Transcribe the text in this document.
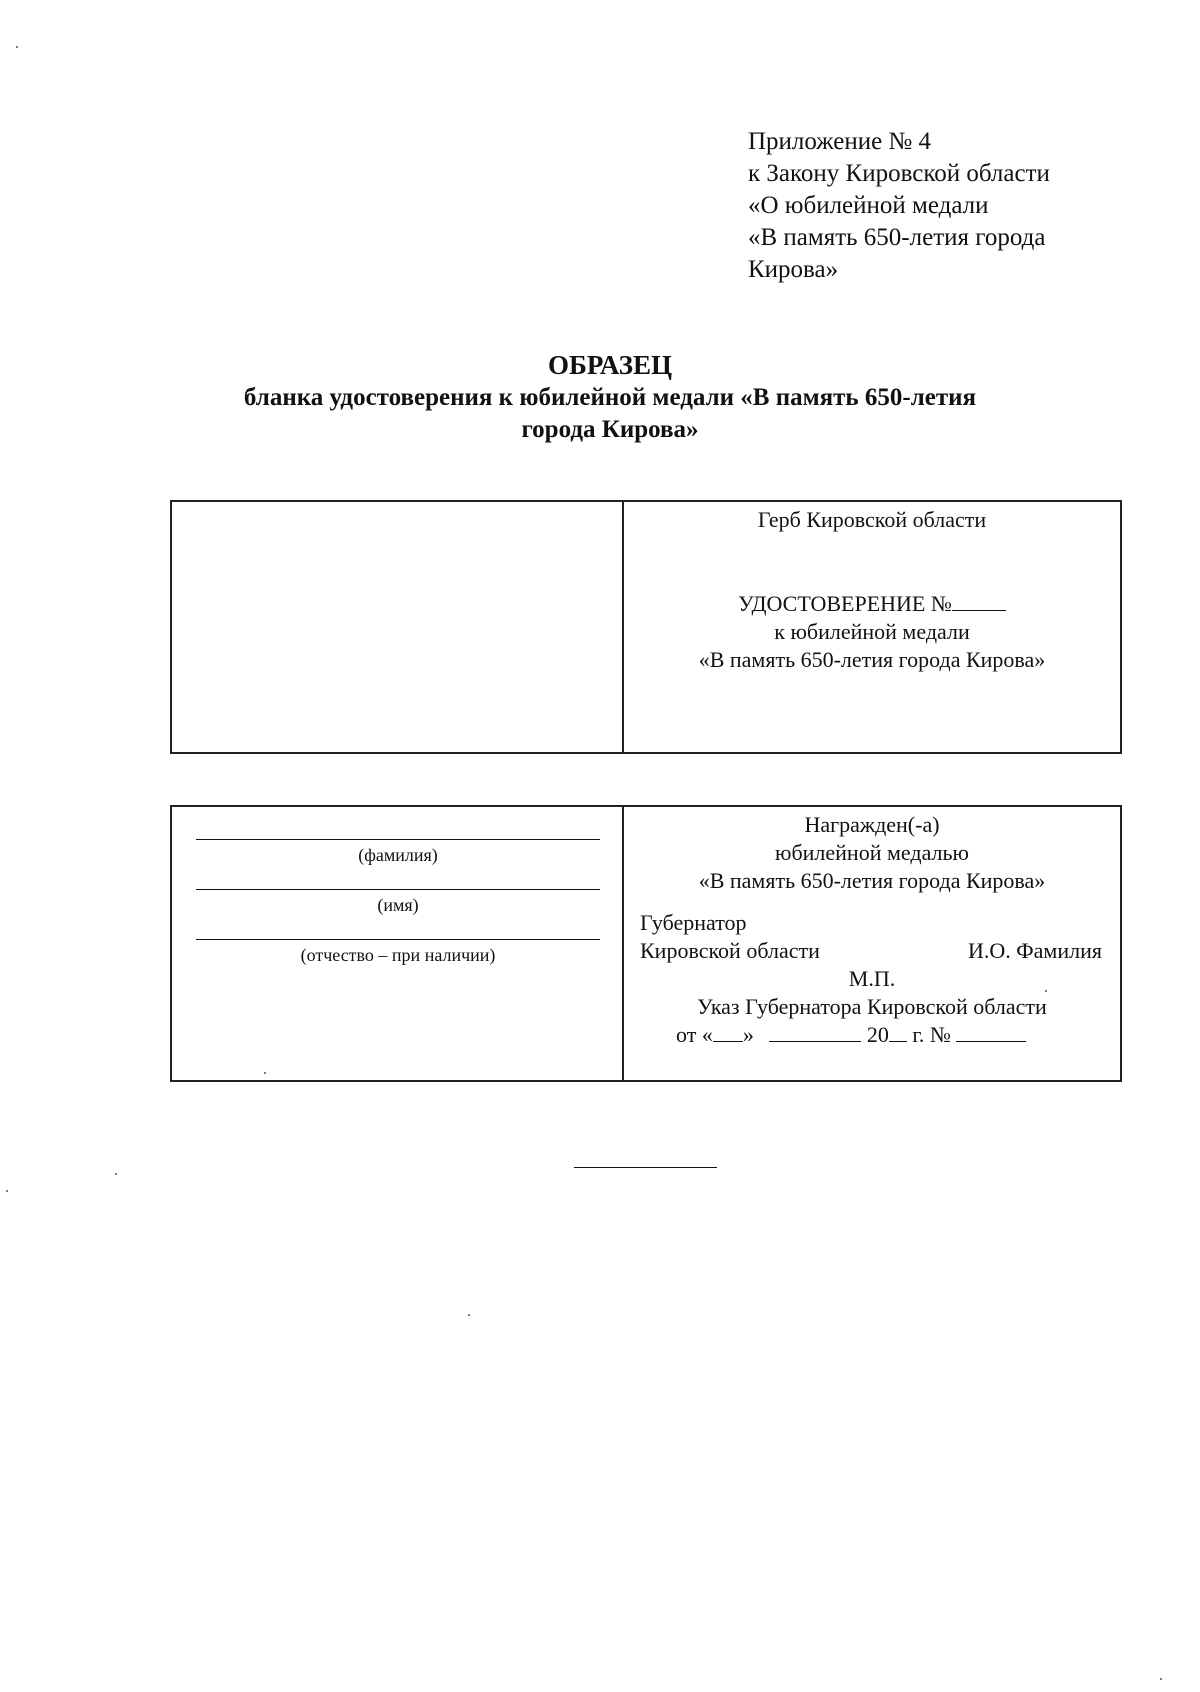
Приложение № 4
к Закону Кировской области
«О юбилейной медали
«В память 650-летия города
Кирова»
ОБРАЗЕЦ
бланка удостоверения к юбилейной медали «В память 650-летия
города Кирова»
Герб Кировской области
УДОСТОВЕРЕНИЕ №
к юбилейной медали
«В память 650-летия города Кирова»
(фамилия)
(имя)
(отчество – при наличии)
Награжден(-а)
юбилейной медалью
«В память 650-летия города Кирова»
Губернатор
Кировской области	И.О. Фамилия
М.П.
Указ Губернатора Кировской области
от « »	20 г. №
